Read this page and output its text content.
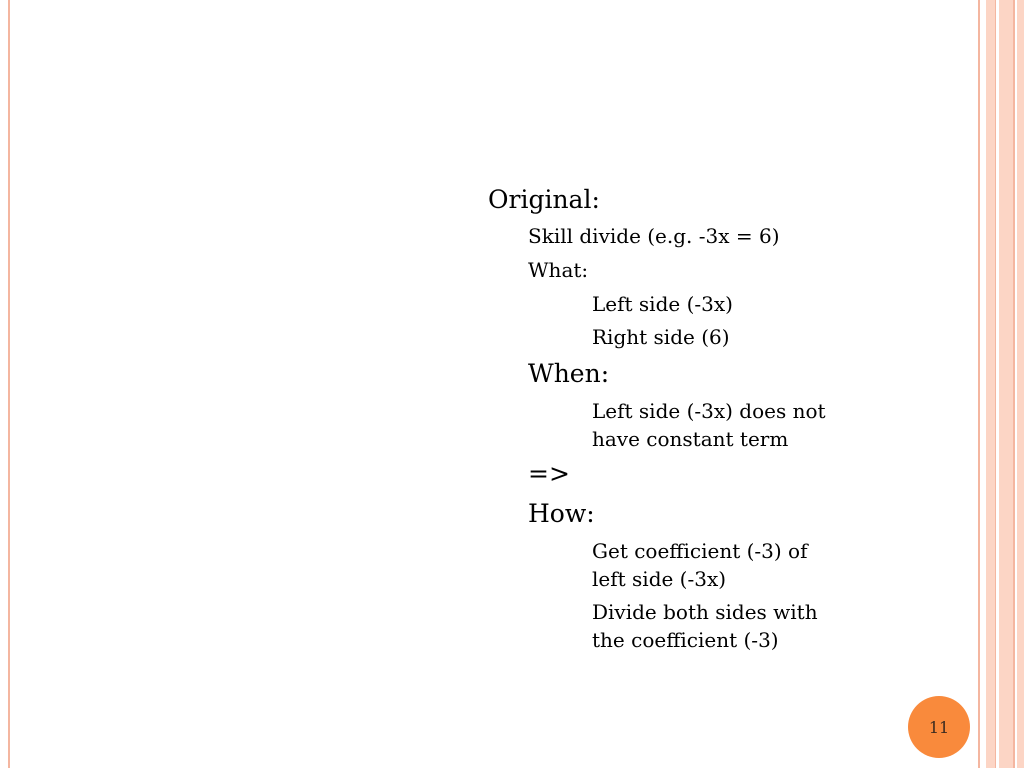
Original:
Skill divide (e.g. -3x = 6)
What:
Left side (-3x)
Right side (6)
When:
Left side (-3x) does not
have constant term
=>
How:
Get coefficient (-3) of
left side (-3x)
Divide both sides with
the coefficient (-3)
11
